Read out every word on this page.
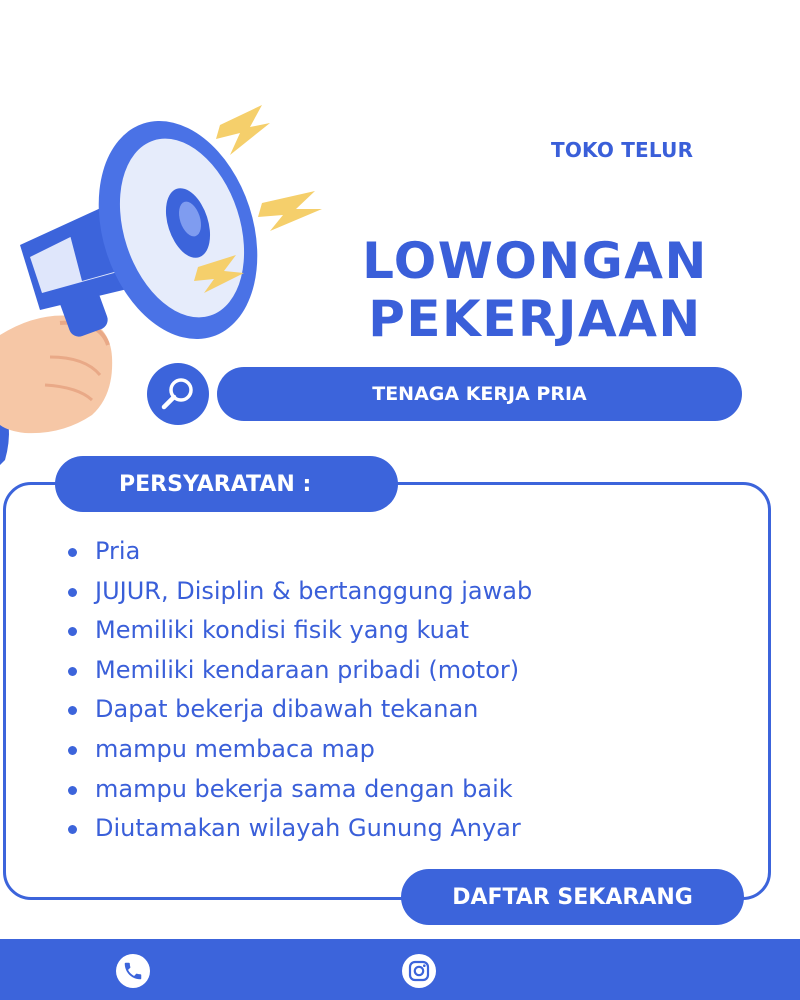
TOKO TELUR
LOWONGAN
PEKERJAAN
TENAGA KERJA PRIA
PERSYARATAN :
Pria
JUJUR, Disiplin & bertanggung jawab
Memiliki kondisi fisik yang kuat
Memiliki kendaraan pribadi (motor)
Dapat bekerja dibawah tekanan
mampu membaca map
mampu bekerja sama dengan baik
Diutamakan wilayah Gunung Anyar
DAFTAR SEKARANG
